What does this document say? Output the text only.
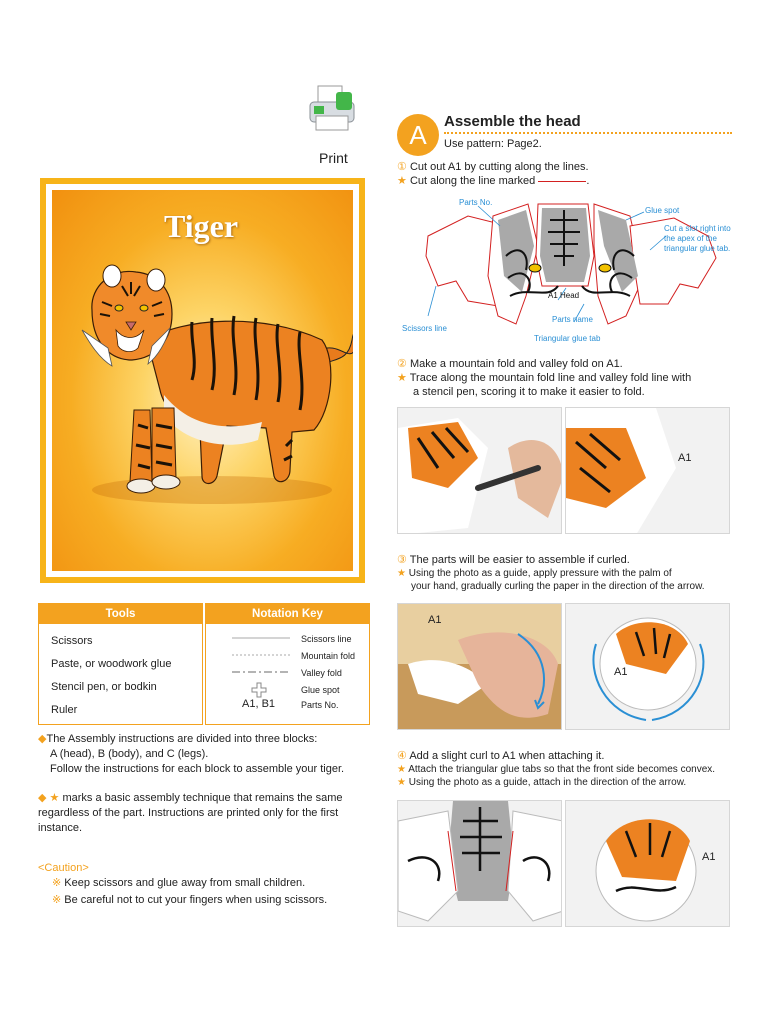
Print
Tiger
Tools
Scissors
Paste, or woodwork glue
Stencil pen, or bodkin
Ruler
Notation Key
Scissors line
Mountain fold
Valley fold
Glue spot
A1, B1	Parts No.
◆The Assembly instructions are divided into three blocks:
A (head), B (body), and C (legs).
Follow the instructions for each block to assemble your tiger.
◆ ★ marks a basic assembly technique that remains the same
regardless of the part. Instructions are printed only for the first
instance.
<Caution>
※ Keep scissors and glue away from small children.
※ Be careful not to cut your fingers when using scissors.
A	Assemble the head
Use pattern: Page2.
① Cut out A1 by cutting along the lines.
★ Cut along the line marked	.
Parts No.
Glue spot
Cut a slot right into
the apex of the
triangular glue tab.
A1 Head
Parts name
Scissors line
Triangular glue tab
② Make a mountain fold and valley fold on A1.
★ Trace along the mountain fold line and valley fold line with
a stencil pen, scoring it to make it easier to fold.
A1
③ The parts will be easier to assemble if curled.
★ Using the photo as a guide, apply pressure with the palm of
your hand, gradually curling the paper in the direction of the arrow.
A1
A1
④ Add a slight curl to A1 when attaching it.
★ Attach the triangular glue tabs so that the front side becomes convex.
★ Using the photo as a guide, attach in the direction of the arrow.
A1
